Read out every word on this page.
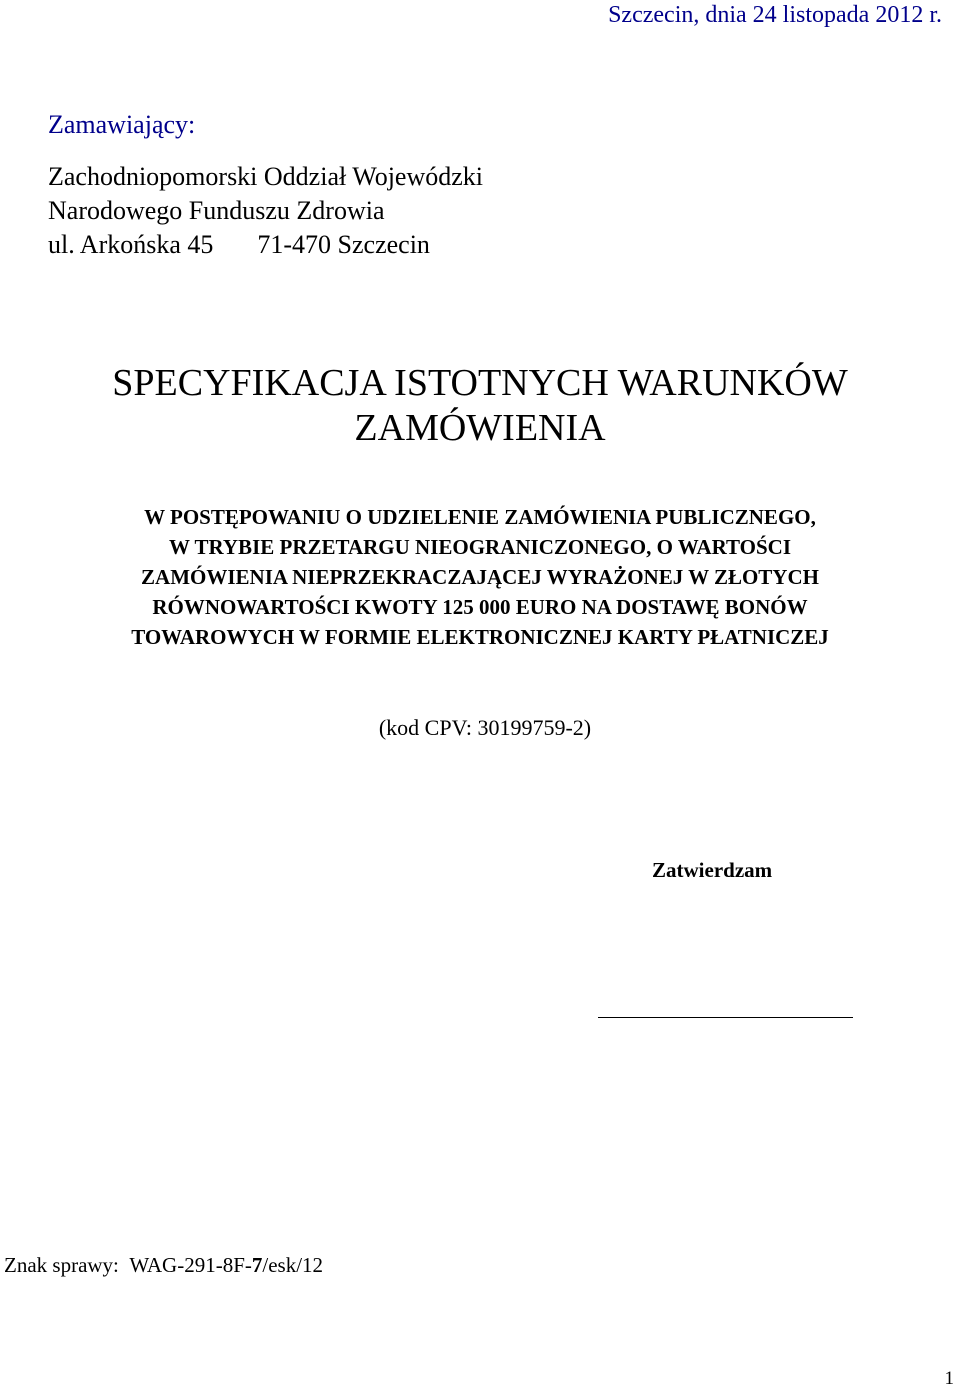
Szczecin, dnia 24 listopada 2012 r.
Zamawiający:
Zachodniopomorski Oddział Wojewódzki
Narodowego Funduszu Zdrowia
ul. Arkońska 45 71-470 Szczecin
SPECYFIKACJA ISTOTNYCH WARUNKÓW
ZAMÓWIENIA
W POSTĘPOWANIU O UDZIELENIE ZAMÓWIENIA PUBLICZNEGO,
W TRYBIE PRZETARGU NIEOGRANICZONEGO, O WARTOŚCI
ZAMÓWIENIA NIEPRZEKRACZAJĄCEJ WYRAŻONEJ W ZŁOTYCH
RÓWNOWARTOŚCI KWOTY 125 000 EURO NA DOSTAWĘ BONÓW
TOWAROWYCH W FORMIE ELEKTRONICZNEJ KARTY PŁATNICZEJ
(kod CPV: 30199759-2)
Zatwierdzam
Znak sprawy: WAG-291-8F-7/esk/12
1
